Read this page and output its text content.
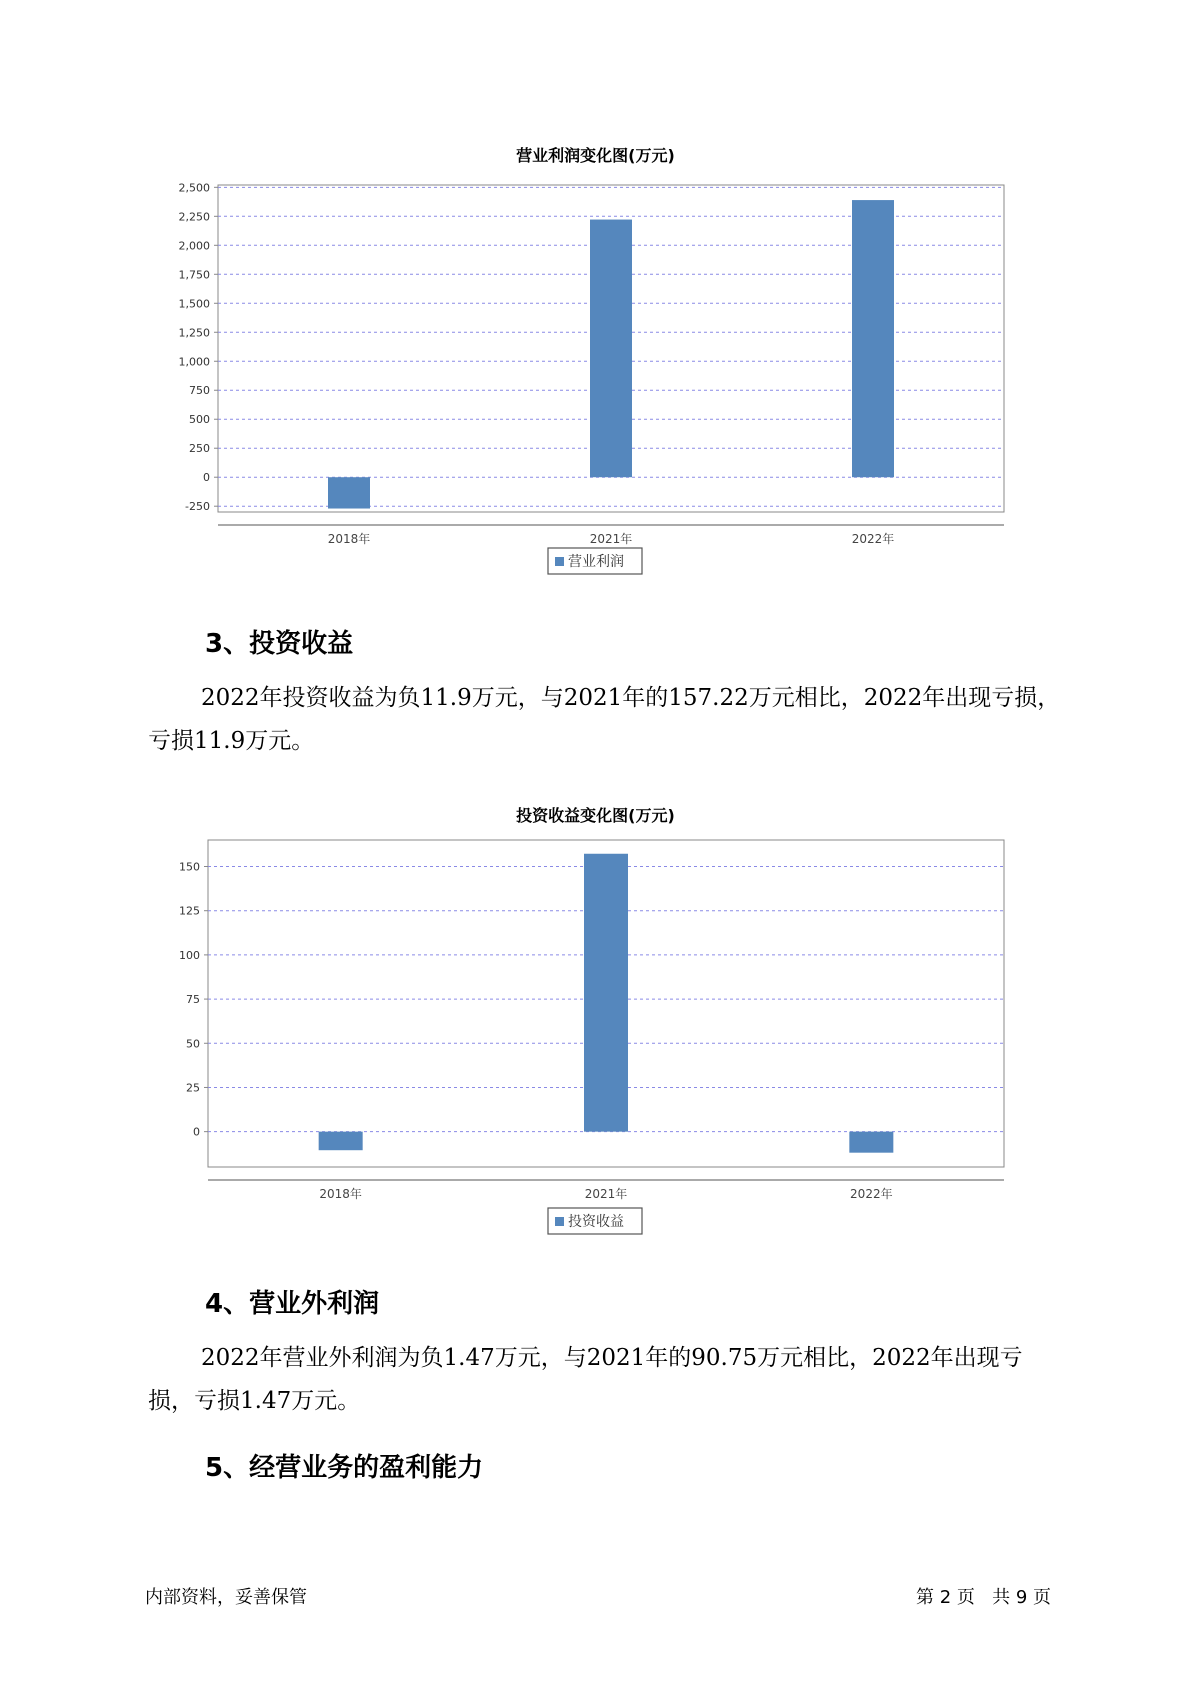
营业利润变化图(万元)
-250
0
250
500
750
1,000
1,250
1,500
1,750
2,000
2,250
2,500
2018年	2021年	2022年
营业利润
3、投资收益

2022年投资收益为负11.9万元，与2021年的157.22万元相比，2022年出现亏损，亏损11.9万元。

投资收益变化图(万元)
0
25
50
75
100
125
150
2018年	2021年	2022年
投资收益
4、营业外利润

2022年营业外利润为负1.47万元，与2021年的90.75万元相比，2022年出现亏损，亏损1.47万元。

5、经营业务的盈利能力
内部资料，妥善保管	第 2 页   共 9 页
